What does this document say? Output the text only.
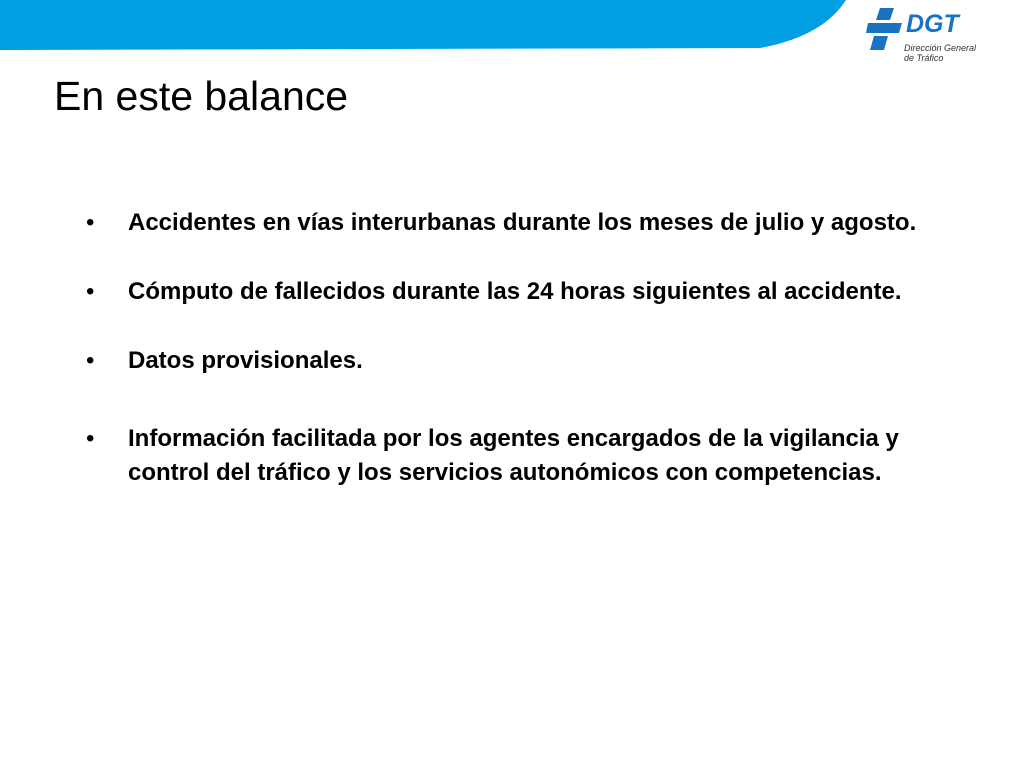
DGT
Dirección General
de Tráfico
En este balance
• Accidentes en vías interurbanas durante los meses de julio y agosto.
• Cómputo de fallecidos durante las 24 horas siguientes al accidente.
• Datos provisionales.
• Información facilitada por los agentes encargados de la vigilancia y control del tráfico y los servicios autonómicos con competencias.
